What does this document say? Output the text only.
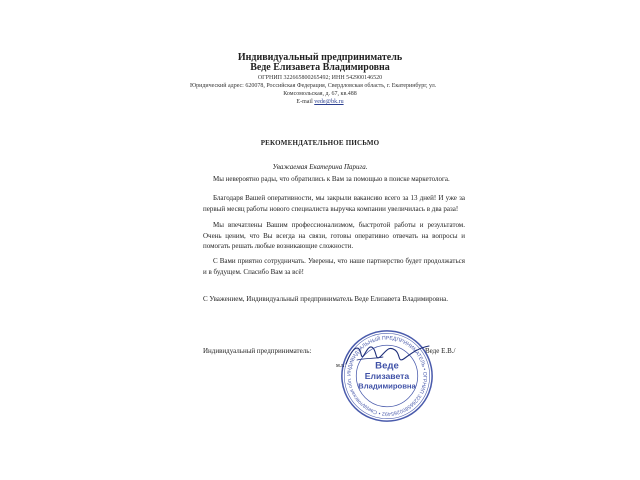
Индивидуальный предприниматель
Веде Елизавета Владимировна
ОГРНИП 322665800265492; ИНН 542900146520
Юридический адрес: 620078, Российская Федерация, Свердловская область, г. Екатеринбург, ул.
Комсомольская, д. 67, кв.488
E-mail vede@bk.ru
РЕКОМЕНДАТЕЛЬНОЕ ПИСЬМО
Уважаемая Екатерина Парига.

Мы невероятно рады, что обратились к Вам за помощью в поиске маркетолога.

Благодаря Вашей оперативности, мы закрыли вакансию всего за 13 дней! И уже за первый месяц работы нового специалиста выручка компании увеличилась в два раза!

Мы впечатлены Вашим профессионализмом, быстротой работы и результатом. Очень ценим, что Вы всегда на связи, готовы оперативно отвечать на вопросы и помогать решать любые возникающие сложности.

С Вами приятно сотрудничать. Уверены, что наше партнерство будет продолжаться и в будущем. Спасибо Вам за всё!

С Уважением, Индивидуальный предприниматель Веде Елизавета Владимировна.
Индивидуальный предприниматель:
м.п.
Веде Е.В./
ИНДИВИДУАЛЬНЫЙ ПРЕДПРИНИМАТЕЛЬ • ОГРНИП 322665800265492 • Свердловская обл.
Веде
Елизавета
Владимировна
